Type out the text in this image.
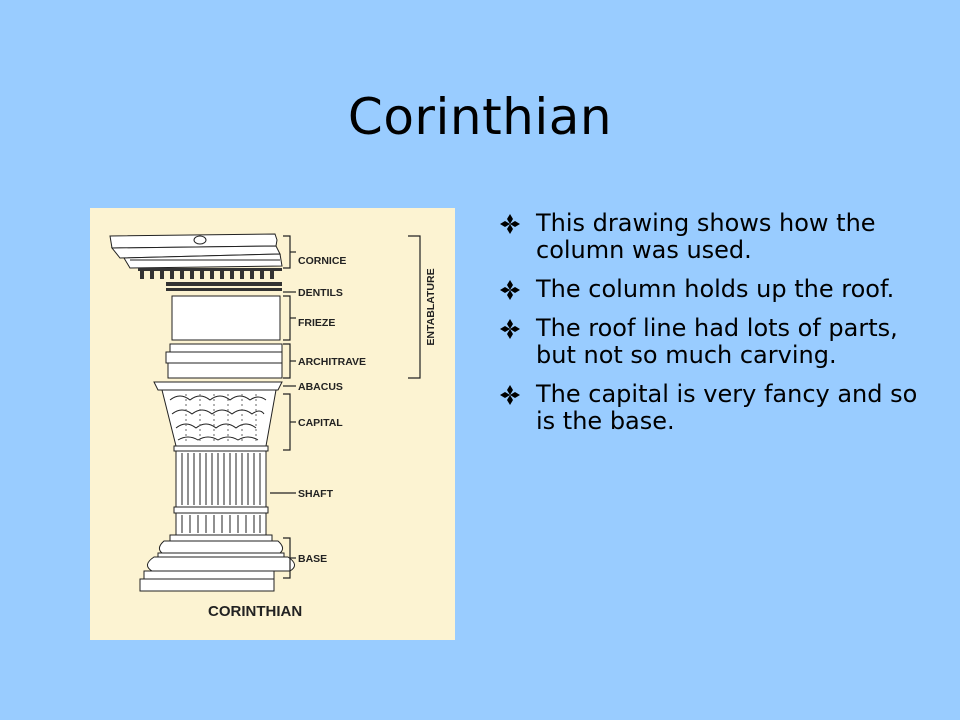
Corinthian
CORNICE
DENTILS
FRIEZE
ARCHITRAVE
ABACUS
CAPITAL
SHAFT
BASE
ENTABLATURE
CORINTHIAN
This drawing shows how the column was used.
The column holds up the roof.
The roof line had lots of parts, but not so much carving.
The capital is very fancy and so is the base.
